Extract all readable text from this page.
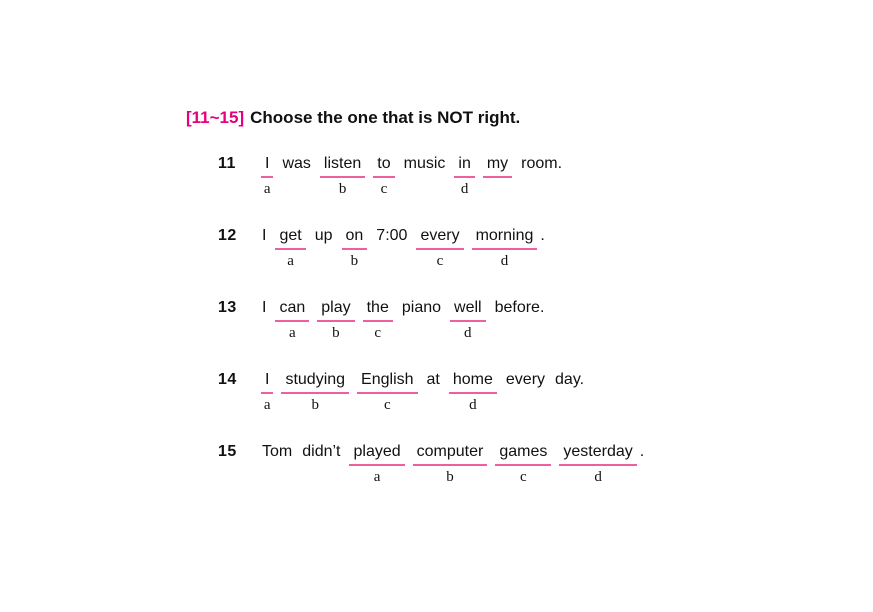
[11~15] Choose the one that is NOT right.
11	I
a
was listen
b
to
c
music in
d
my room.
12	I get
a
up on
b
7:00 every
c
morning
d
.
13	I can
a
play
b
the
c
piano well
d
before.
14	I
a
studying
b
English
c
at home
d
every day.
15	Tom didn’t played
a
computer
b
games
c
yesterday
d
.
